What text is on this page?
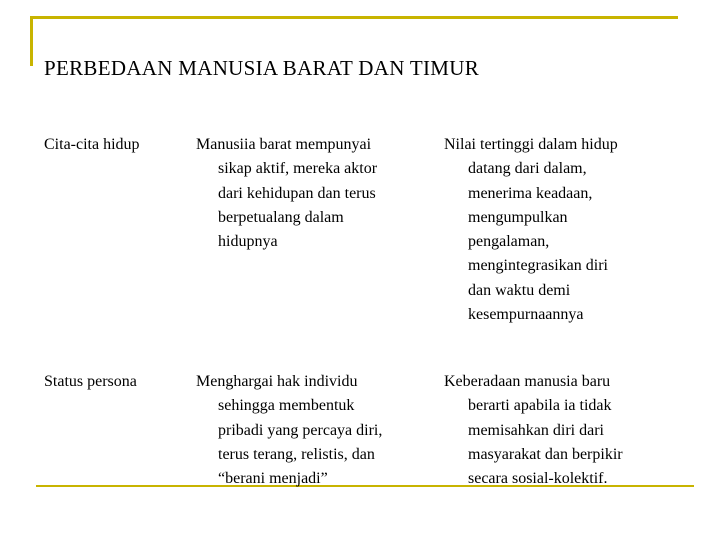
PERBEDAAN MANUSIA BARAT DAN TIMUR
Cita-cita hidup	Manusiia barat mempunyai
sikap aktif, mereka aktor
dari kehidupan dan terus
berpetualang dalam
hidupnya
Nilai tertinggi dalam hidup
datang dari dalam,
menerima keadaan,
mengumpulkan
pengalaman,
mengintegrasikan diri
dan waktu demi
kesempurnaannya
Status persona	Menghargai hak individu
sehingga membentuk
pribadi yang percaya diri,
terus terang, relistis, dan
“berani menjadi”
Keberadaan manusia baru
berarti apabila ia tidak
memisahkan diri dari
masyarakat dan berpikir
secara sosial-kolektif.
